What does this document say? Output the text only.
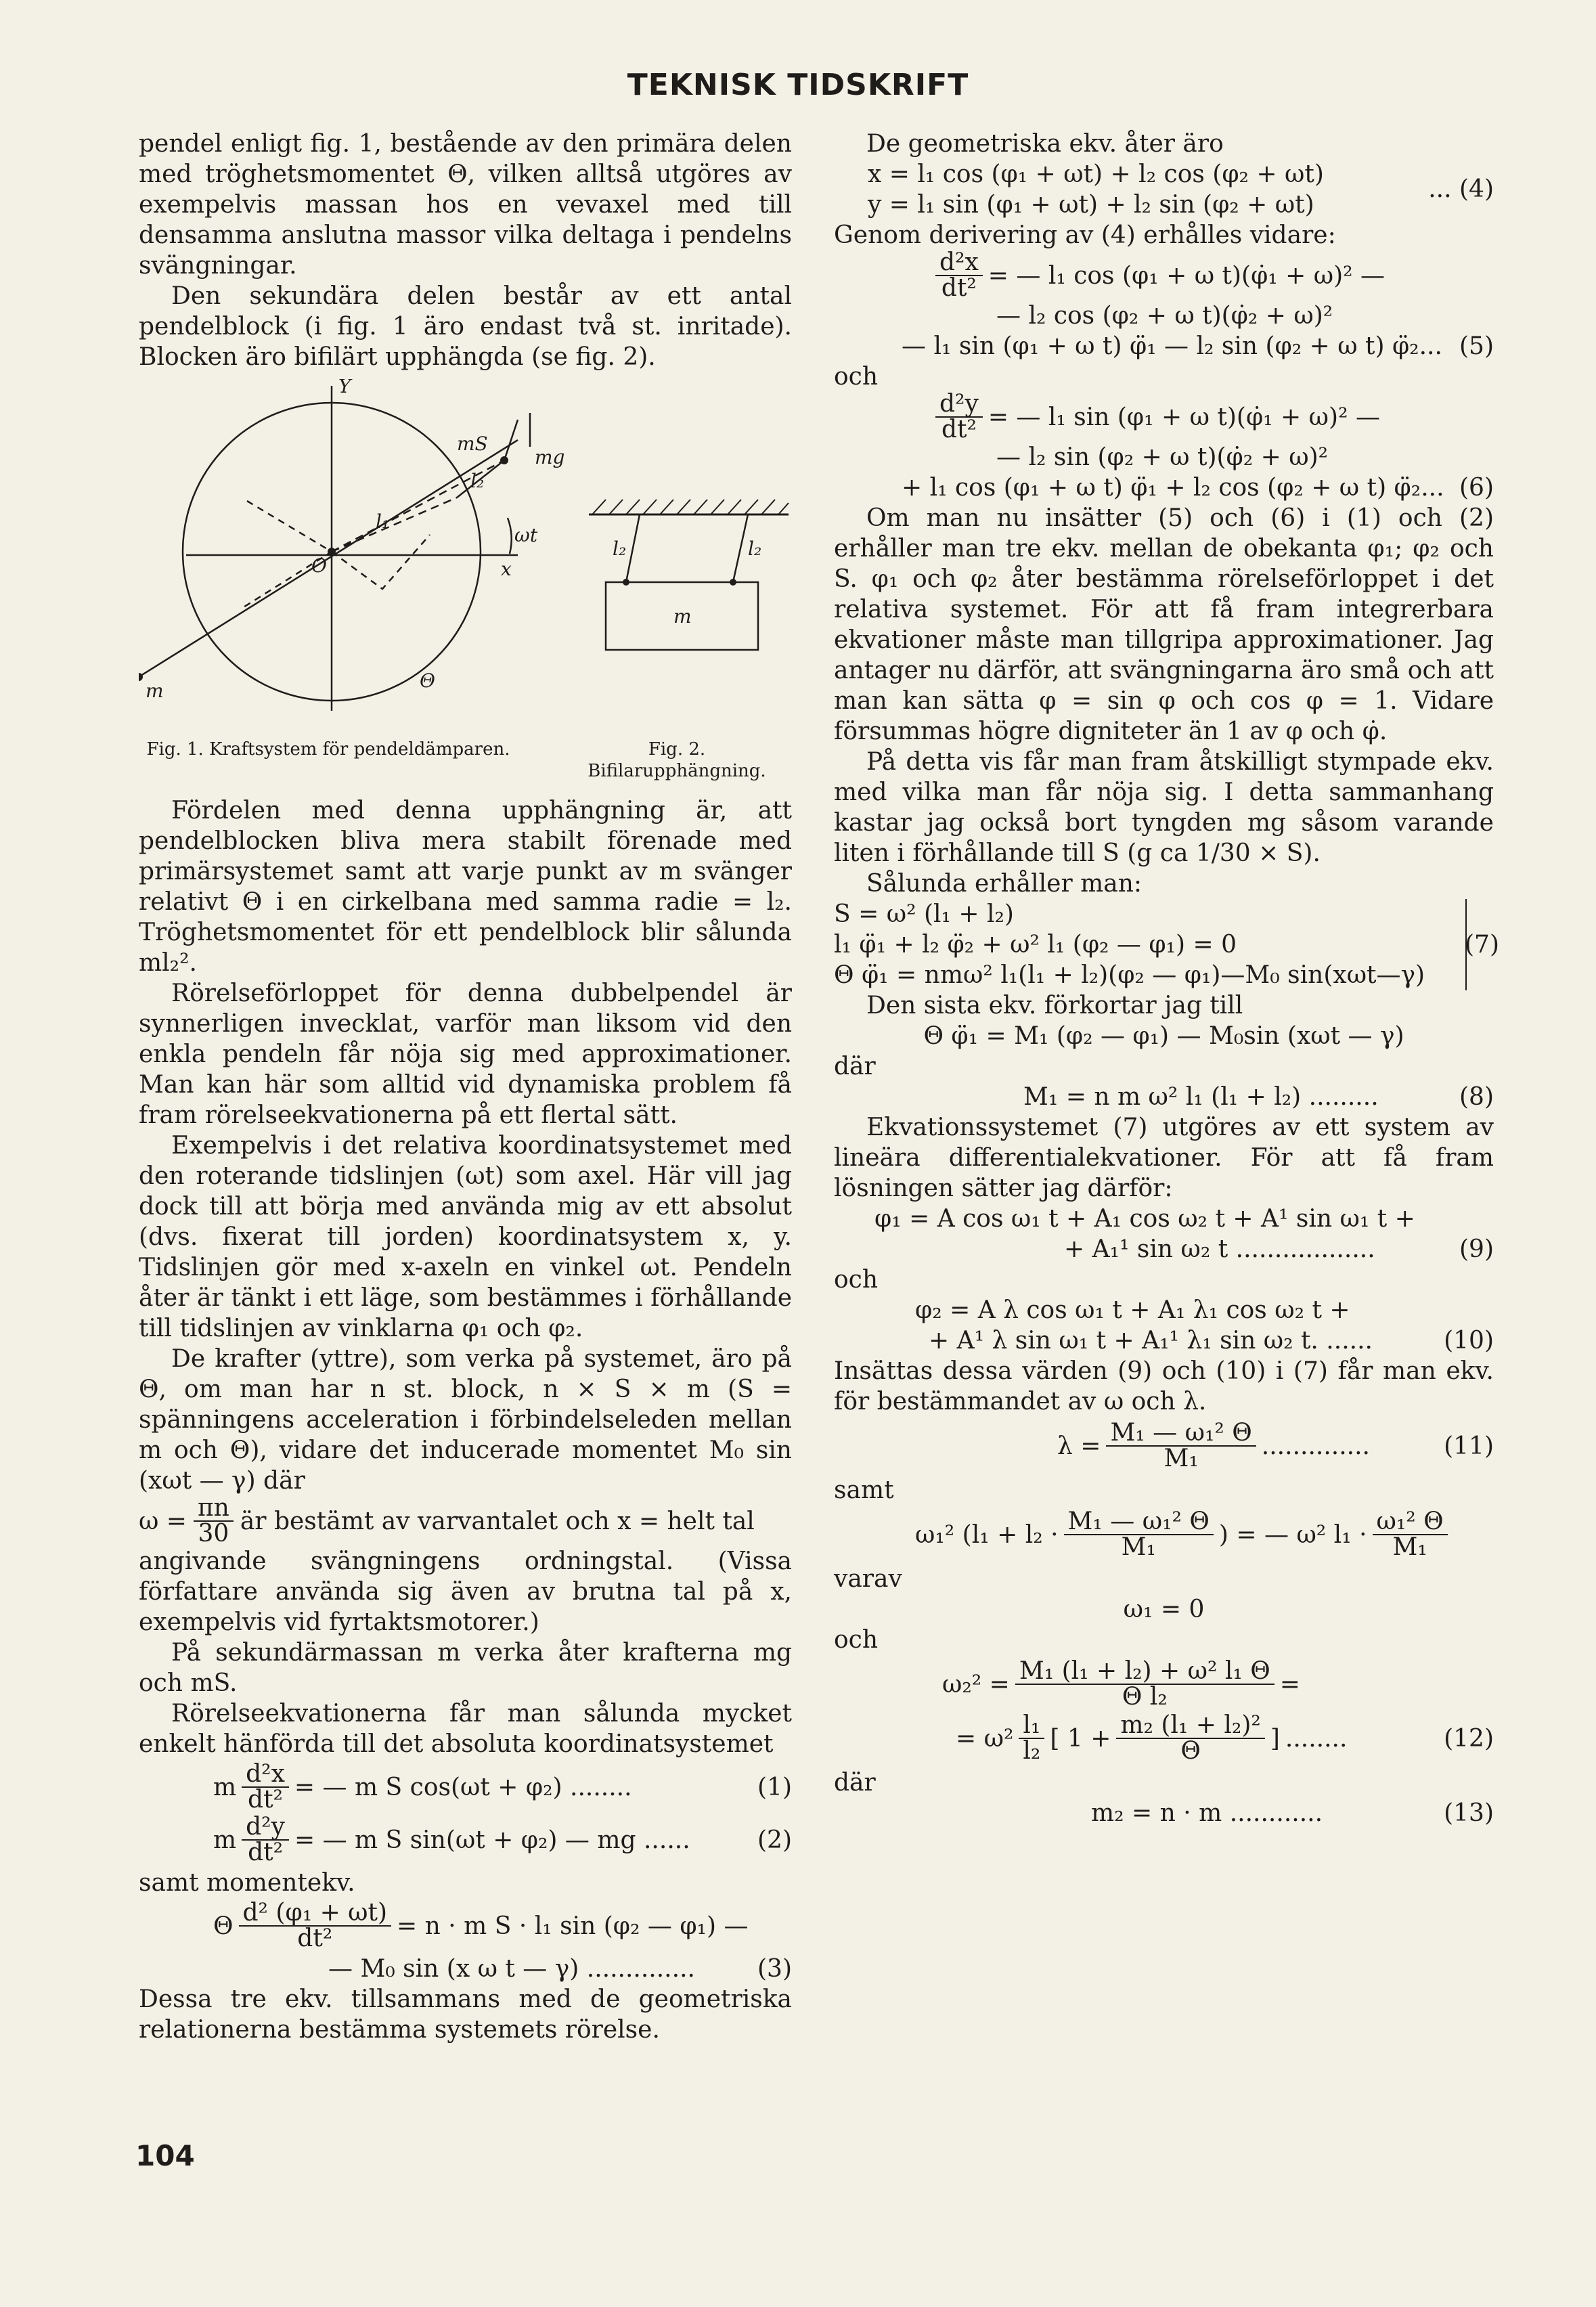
TEKNISK TIDSKRIFT

pendel enligt fig. 1, bestående av den primära delen med tröghetsmomentet Θ, vilken alltså utgöres av exempelvis massan hos en vevaxel med till densamma anslutna massor vilka deltaga i pendelns svängningar.

Den sekundära delen består av ett antal pendelblock (i fig. 1 äro endast två st. inritade). Blocken äro bifilärt upphängda (se fig. 2).

Y
mS
mg
l₁
l₂
ωt
x
Θ
m
O
l₂	l₂
m
Fig. 1. Kraftsystem för pendeldämparen.	Fig. 2. Bifilarupphängning.

Fördelen med denna upphängning är, att pendelblocken bliva mera stabilt förenade med primärsystemet samt att varje punkt av m svänger relativt Θ i en cirkelbana med samma radie = l₂. Tröghetsmomentet för ett pendelblock blir sålunda ml₂².

Rörelseförloppet för denna dubbelpendel är synnerligen invecklat, varför man liksom vid den enkla pendeln får nöja sig med approximationer. Man kan här som alltid vid dynamiska problem få fram rörelseekvationerna på ett flertal sätt.

Exempelvis i det relativa koordinatsystemet med den roterande tidslinjen (ωt) som axel. Här vill jag dock till att börja med använda mig av ett absolut (dvs. fixerat till jorden) koordinatsystem x, y. Tidslinjen gör med x-axeln en vinkel ωt. Pendeln åter är tänkt i ett läge, som bestämmes i förhållande till tidslinjen av vinklarna φ₁ och φ₂.

De krafter (yttre), som verka på systemet, äro på Θ, om man har n st. block, n × S × m (S = spänningens acceleration i förbindelseleden mellan m och Θ), vidare det inducerade momentet M₀ sin (xωt — γ) där

$\omega = \frac{\pi n}{30}$ är bestämt av varvantalet och x = helt tal

angivande svängningens ordningstal. (Vissa författare använda sig även av brutna tal på x, exempelvis vid fyrtaktsmotorer.)

På sekundärmassan m verka åter krafterna mg och mS.

Rörelseekvationerna får man sålunda mycket enkelt hänförda till det absoluta koordinatsystemet

m $\frac{\text{d²x}}{\text{dt²}}$ = — m S cos(ωt + φ₂) ........	(1)
m $\frac{\text{d²y}}{\text{dt²}}$ = — m S sin(ωt + φ₂) — mg ......	(2)

samt momentekv.

Θ $\frac{\text{d² (φ₁ + ωt)}}{\text{dt²}} = n \cdot m$ S · l₁ sin (φ₂ — φ₁) —
— M₀ sin (x ω t — γ) ..............	(3)

Dessa tre ekv. tillsammans med de geometriska relationerna bestämma systemets rörelse.

De geometriska ekv. åter äro

x = l₁ cos (φ₁ + ωt) + l₂ cos (φ₂ + ωt)
y = l₁ sin (φ₁ + ωt) + l₂ sin (φ₂ + ωt)
... (4)

Genom derivering av (4) erhålles vidare:

$\frac{\text{d²x}}{\text{dt²}}$ = — l₁ cos (φ₁ + ω t)(φ̇₁ + ω)² —
— l₂ cos (φ₂ + ω t)(φ̇₂ + ω)²
— l₁ sin (φ₁ + ω t) φ̈₁ — l₂ sin (φ₂ + ω t) φ̈₂... (5)

och

$\frac{\text{d²y}}{\text{dt²}}$ = — l₁ sin (φ₁ + ω t)(φ̇₁ + ω)² —
— l₂ sin (φ₂ + ω t)(φ̇₂ + ω)²
+ l₁ cos (φ₁ + ω t) φ̈₁ + l₂ cos (φ₂ + ω t) φ̈₂... (6)

Om man nu insätter (5) och (6) i (1) och (2) erhåller man tre ekv. mellan de obekanta φ₁; φ₂ och S. φ₁ och φ₂ åter bestämma rörelseförloppet i det relativa systemet. För att få fram integrerbara ekvationer måste man tillgripa approximationer. Jag antager nu därför, att svängningarna äro små och att man kan sätta φ = sin φ och cos φ = 1. Vidare försummas högre digniteter än 1 av φ och φ̇.

På detta vis får man fram åtskilligt stympade ekv. med vilka man får nöja sig. I detta sammanhang kastar jag också bort tyngden mg såsom varande liten i förhållande till S (g ca 1/30 × S).

Sålunda erhåller man:

S = ω² (l₁ + l₂)
l₁ φ̈₁ + l₂ φ̈₂ + ω² l₁ (φ₂ — φ₁) = 0
Θ φ̈₁ = nmω² l₁(l₁ + l₂)(φ₂ — φ₁)—M₀ sin(xωt—γ)
(7)

Den sista ekv. förkortar jag till

Θ φ̈₁ = M₁ (φ₂ — φ₁) — M₀sin (xωt — γ)

där

M₁ = n m ω² l₁ (l₁ + l₂) .........	(8)

Ekvationssystemet (7) utgöres av ett system av lineära differentialekvationer. För att få fram lösningen sätter jag därför:

φ₁ = A cos ω₁ t + A₁ cos ω₂ t + A¹ sin ω₁ t +
+ A₁¹ sin ω₂ t ..................	(9)

och

φ₂ = A λ cos ω₁ t + A₁ λ₁ cos ω₂ t +
+ A¹ λ sin ω₁ t + A₁¹ λ₁ sin ω₂ t. ......	(10)

Insättas dessa värden (9) och (10) i (7) får man ekv. för bestämmandet av ω och λ.

$\lambda = \frac{\text{M₁ — ω₁² Θ}}{\text{M₁}}$ ..............	(11)

samt

ω₁² (l₁ + l₂ · M₁ — ω₁² Θ
M₁	) = — ω² l₁ · ω₁² Θ
M₁

varav

ω₁ = 0

och

$\omega_2^2 = \frac{\text{M₁ (l₁ + l₂) + ω² l₁ Θ}}{\text{Θ l₂}}$ =
= ω² l₁
l₂ [ $1 + \frac{\text{m₂ (l₁ + l₂)²}}{\Theta}$ ] ........	(12)

där

m₂ = n · m ............	(13)
104
